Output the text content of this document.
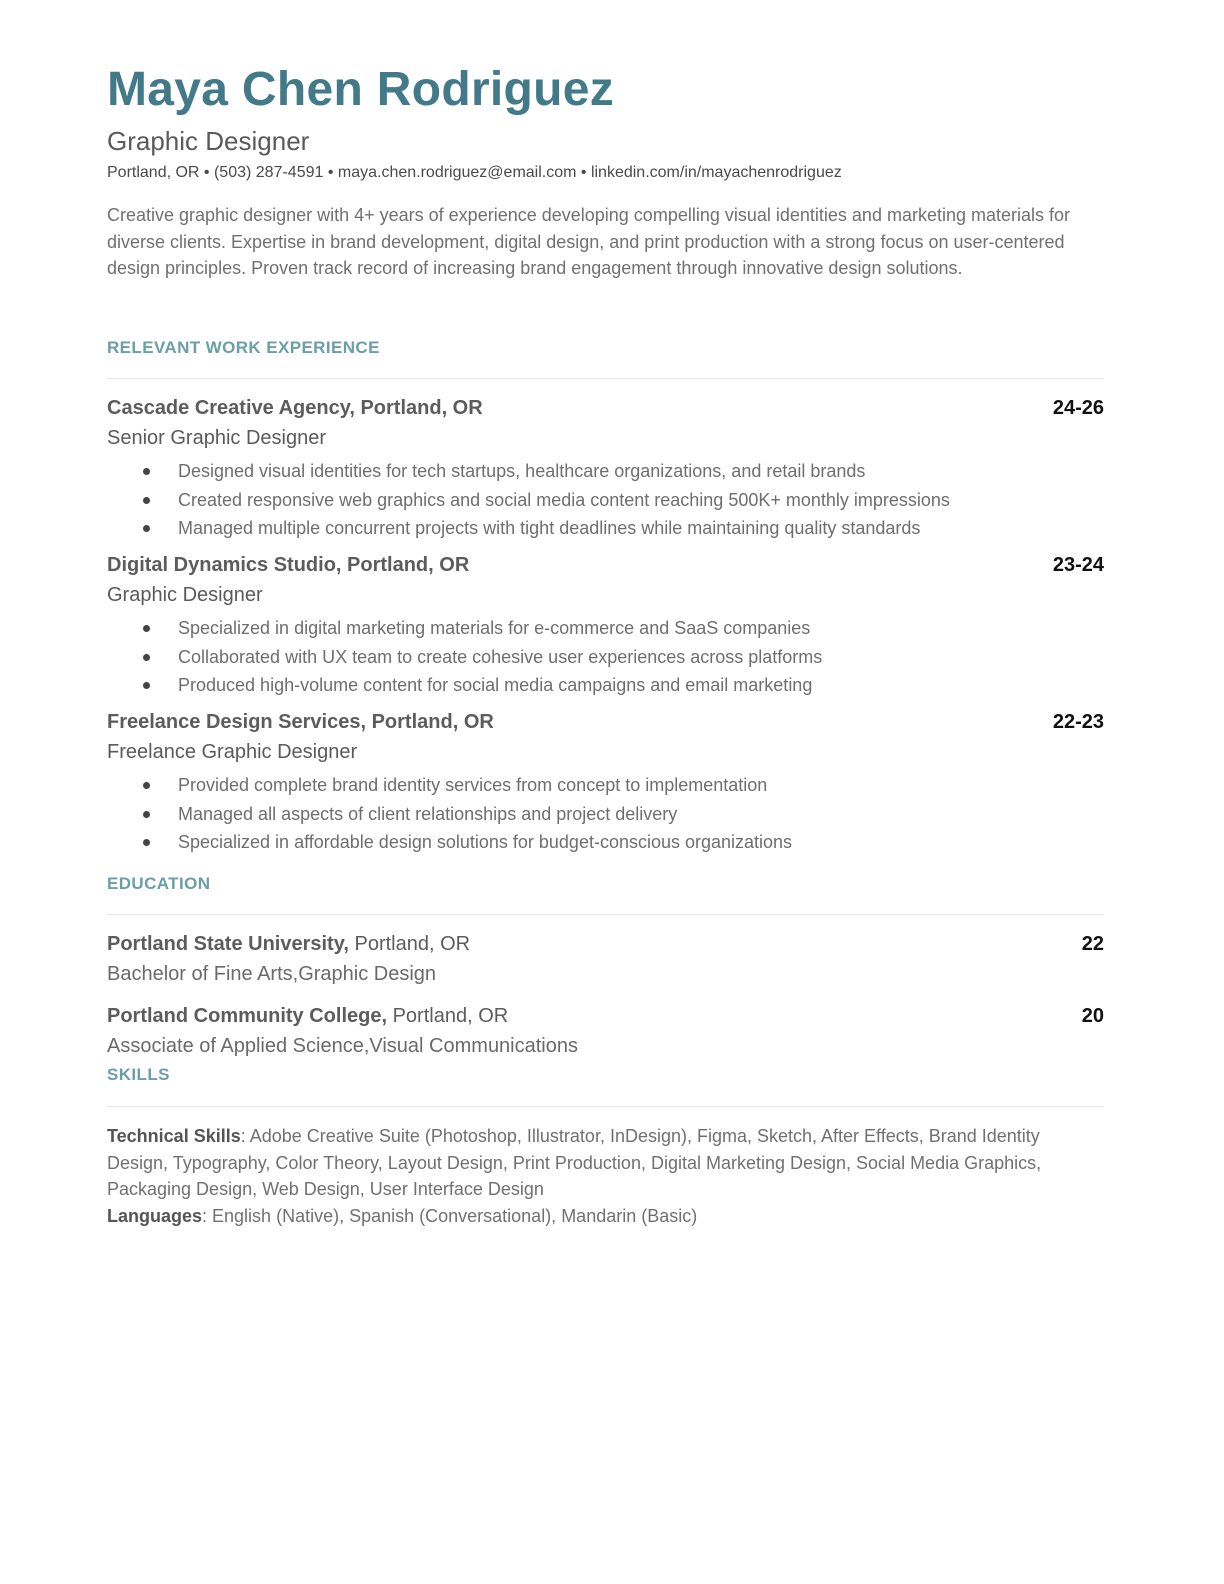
Maya Chen Rodriguez
Graphic Designer
Portland, OR • (503) 287-4591 • maya.chen.rodriguez@email.com • linkedin.com/in/mayachenrodriguez

Creative graphic designer with 4+ years of experience developing compelling visual identities and marketing materials for diverse clients. Expertise in brand development, digital design, and print production with a strong focus on user-centered design principles. Proven track record of increasing brand engagement through innovative design solutions.

RELEVANT WORK EXPERIENCE
Cascade Creative Agency, Portland, OR	24-26
Senior Graphic Designer
Designed visual identities for tech startups, healthcare organizations, and retail brands
Created responsive web graphics and social media content reaching 500K+ monthly impressions
Managed multiple concurrent projects with tight deadlines while maintaining quality standards
Digital Dynamics Studio, Portland, OR	23-24
Graphic Designer
Specialized in digital marketing materials for e-commerce and SaaS companies
Collaborated with UX team to create cohesive user experiences across platforms
Produced high-volume content for social media campaigns and email marketing
Freelance Design Services, Portland, OR	22-23
Freelance Graphic Designer
Provided complete brand identity services from concept to implementation
Managed all aspects of client relationships and project delivery
Specialized in affordable design solutions for budget-conscious organizations
EDUCATION
Portland State University, Portland, OR	22
Bachelor of Fine Arts,Graphic Design
Portland Community College, Portland, OR	20
Associate of Applied Science,Visual Communications
SKILLS
Technical Skills: Adobe Creative Suite (Photoshop, Illustrator, InDesign), Figma, Sketch, After Effects, Brand Identity Design, Typography, Color Theory, Layout Design, Print Production, Digital Marketing Design, Social Media Graphics, Packaging Design, Web Design, User Interface Design
Languages: English (Native), Spanish (Conversational), Mandarin (Basic)
